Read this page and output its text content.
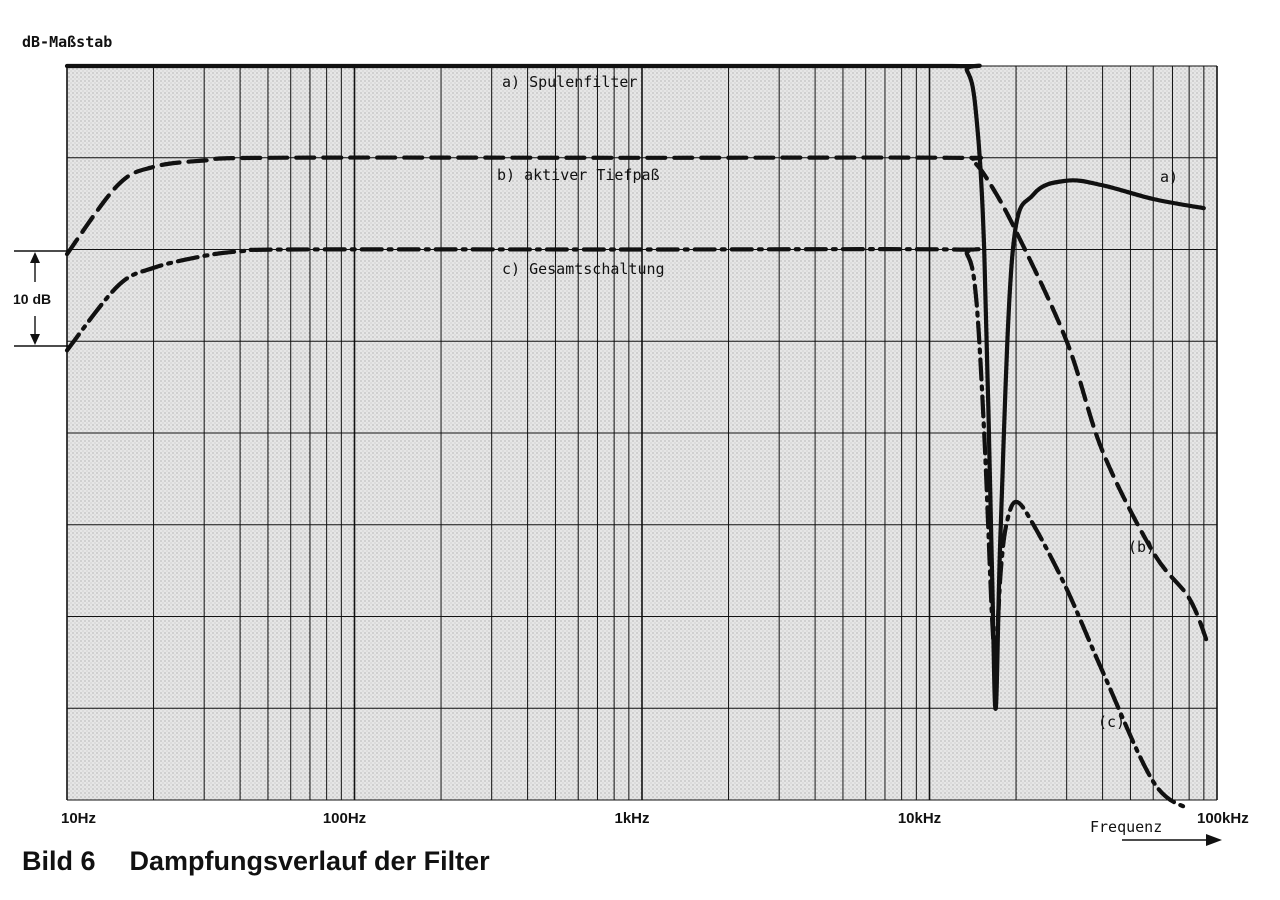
10Hz	100Hz	1kHz	10kHz	100kHz
dB-Maßstab
10 dB
Frequenz
a) Spulenfilter
b) aktiver Tiefpaß
c) Gesamtschaltung
a)
(b)
(c)
Bild 6 Dampfungsverlauf der Filter
